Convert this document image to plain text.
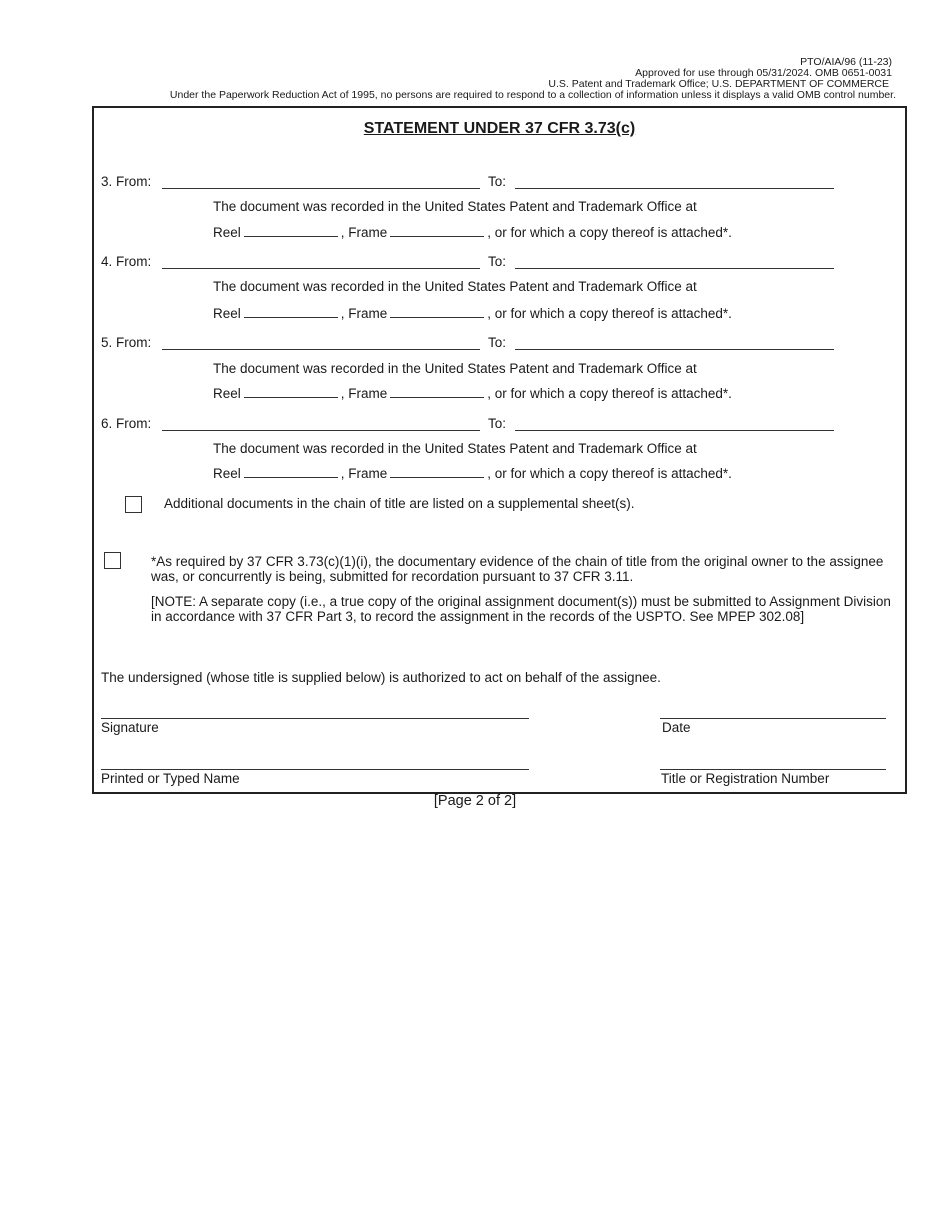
PTO/AIA/96 (11-23)
Approved for use through 05/31/2024. OMB 0651-0031
U.S. Patent and Trademark Office; U.S. DEPARTMENT OF COMMERCE
Under the Paperwork Reduction Act of 1995, no persons are required to respond to a collection of information unless it displays a valid OMB control number.
STATEMENT UNDER 37 CFR 3.73(c)
3. From:	To:
The document was recorded in the United States Patent and Trademark Office at
Reel	, Frame	, or for which a copy thereof is attached*.
4. From:	To:
The document was recorded in the United States Patent and Trademark Office at
Reel	, Frame	, or for which a copy thereof is attached*.
5. From:	To:
The document was recorded in the United States Patent and Trademark Office at
Reel	, Frame	, or for which a copy thereof is attached*.
6. From:	To:
The document was recorded in the United States Patent and Trademark Office at
Reel	, Frame	, or for which a copy thereof is attached*.
Additional documents in the chain of title are listed on a supplemental sheet(s).
*As required by 37 CFR 3.73(c)(1)(i), the documentary evidence of the chain of title from the original owner to the assignee was, or concurrently is being, submitted for recordation pursuant to 37 CFR 3.11.
[NOTE: A separate copy (i.e., a true copy of the original assignment document(s)) must be submitted to Assignment Division in accordance with 37 CFR Part 3, to record the assignment in the records of the USPTO. See MPEP 302.08]
The undersigned (whose title is supplied below) is authorized to act on behalf of the assignee.
Signature	Date
Printed or Typed Name	Title or Registration Number
[Page 2 of 2]
